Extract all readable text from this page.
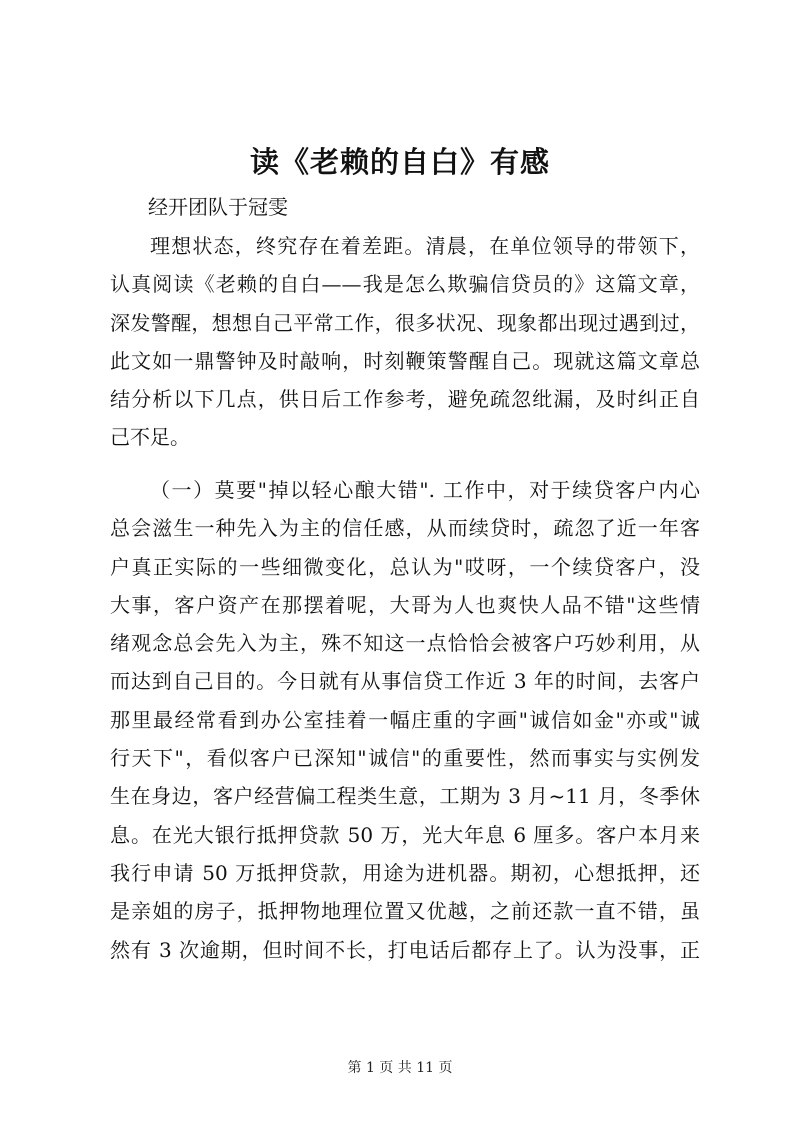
读《老赖的自白》有感
经开团队于冠雯
理想状态，终究存在着差距。清晨，在单位领导的带领下，
认真阅读《老赖的自白——我是怎么欺骗信贷员的》这篇文章，
深发警醒，想想自己平常工作，很多状况、现象都出现过遇到过，
此文如一鼎警钟及时敲响，时刻鞭策警醒自己。现就这篇文章总
结分析以下几点，供日后工作参考，避免疏忽纰漏，及时纠正自
己不足。
（一）莫要"掉以轻心酿大错". 工作中，对于续贷客户内心
总会滋生一种先入为主的信任感，从而续贷时，疏忽了近一年客
户真正实际的一些细微变化，总认为"哎呀，一个续贷客户，没
大事，客户资产在那摆着呢，大哥为人也爽快人品不错"这些情
绪观念总会先入为主，殊不知这一点恰恰会被客户巧妙利用，从
而达到自己目的。今日就有从事信贷工作近 3 年的时间，去客户
那里最经常看到办公室挂着一幅庄重的字画"诚信如金"亦或"诚
行天下"，看似客户已深知"诚信"的重要性，然而事实与实例发
生在身边，客户经营偏工程类生意，工期为 3 月~11 月，冬季休
息。在光大银行抵押贷款 50 万，光大年息 6 厘多。客户本月来
我行申请 50 万抵押贷款，用途为进机器。期初，心想抵押，还
是亲姐的房子，抵押物地理位置又优越，之前还款一直不错，虽
然有 3 次逾期，但时间不长，打电话后都存上了。认为没事，正
第 1 页 共 11 页
